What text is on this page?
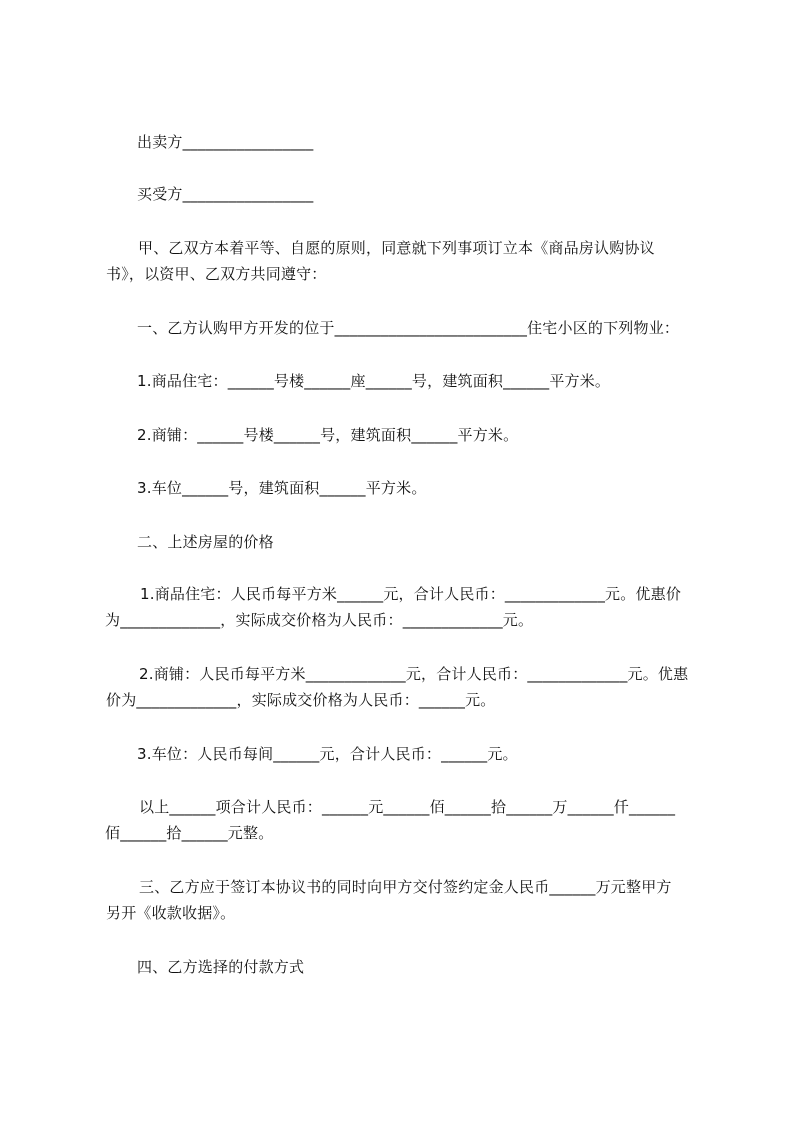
出卖方_________________
买受方_________________
甲、乙双方本着平等、自愿的原则，同意就下列事项订立本《商品房认购协议
书》，以资甲、乙双方共同遵守：
一、乙方认购甲方开发的位于_________________________住宅小区的下列物业：
1.商品住宅：______号楼______座______号，建筑面积______平方米。
2.商铺：______号楼______号，建筑面积______平方米。
3.车位______号，建筑面积______平方米。
二、上述房屋的价格
1.商品住宅：人民币每平方米______元，合计人民币：_____________元。优惠价
为_____________，实际成交价格为人民币：_____________元。
2.商铺：人民币每平方米_____________元，合计人民币：_____________元。优惠
价为_____________，实际成交价格为人民币：______元。
3.车位：人民币每间______元，合计人民币：______元。
以上______项合计人民币：______元______佰______拾______万______仟______
佰______拾______元整。
三、乙方应于签订本协议书的同时向甲方交付签约定金人民币______万元整甲方
另开《收款收据》。
四、乙方选择的付款方式
